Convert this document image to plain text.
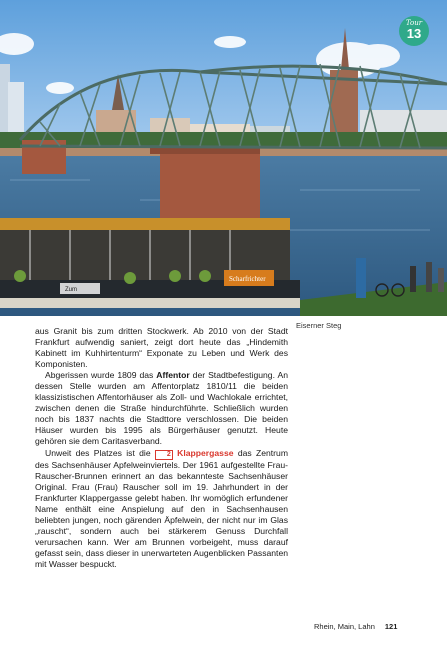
Scharfrichter
Zum
Tour
13
Eiserner Steg

aus Granit bis zum dritten Stockwerk. Ab 2010 von der Stadt Frankfurt aufwendig saniert, zeigt dort heute das „Hindemith Kabinett im Kuhhirtenturm“ Exponate zu Leben und Werk des Komponisten.

Abgerissen wurde 1809 das Affentor der Stadtbefestigung. An dessen Stelle wurden am Affentorplatz 1810/11 die beiden klassizistischen Affentorhäuser als Zoll- und Wachlokale errichtet, zwischen denen die Straße hindurchführte. Schließlich wurden noch bis 1837 nachts die Stadttore verschlossen. Die beiden Häuser wurden bis 1995 als Bürgerhäuser genutzt. Heute gehören sie dem Caritasverband.

Unweit des Platzes ist die 2 Klappergasse das Zentrum des Sachsenhäuser Apfelweinviertels. Der 1961 aufgestellte Frau-Rauscher-Brunnen erinnert an das bekannteste Sachsenhäuser Original. Frau (Frau) Rauscher soll im 19. Jahrhundert in der Frankfurter Klappergasse gelebt haben. Ihr womöglich erfundener Name enthält eine Anspielung auf den in Sachsenhausen beliebten jungen, noch gärenden Äpfelwein, der nicht nur im Glas „rauscht“, sondern auch bei stärkerem Genuss Durchfall verursachen kann. Wer am Brunnen vorbeigeht, muss darauf gefasst sein, dass dieser in unerwarteten Augenblicken Passanten mit Wasser bespuckt.

Rhein, Main, Lahn 121
